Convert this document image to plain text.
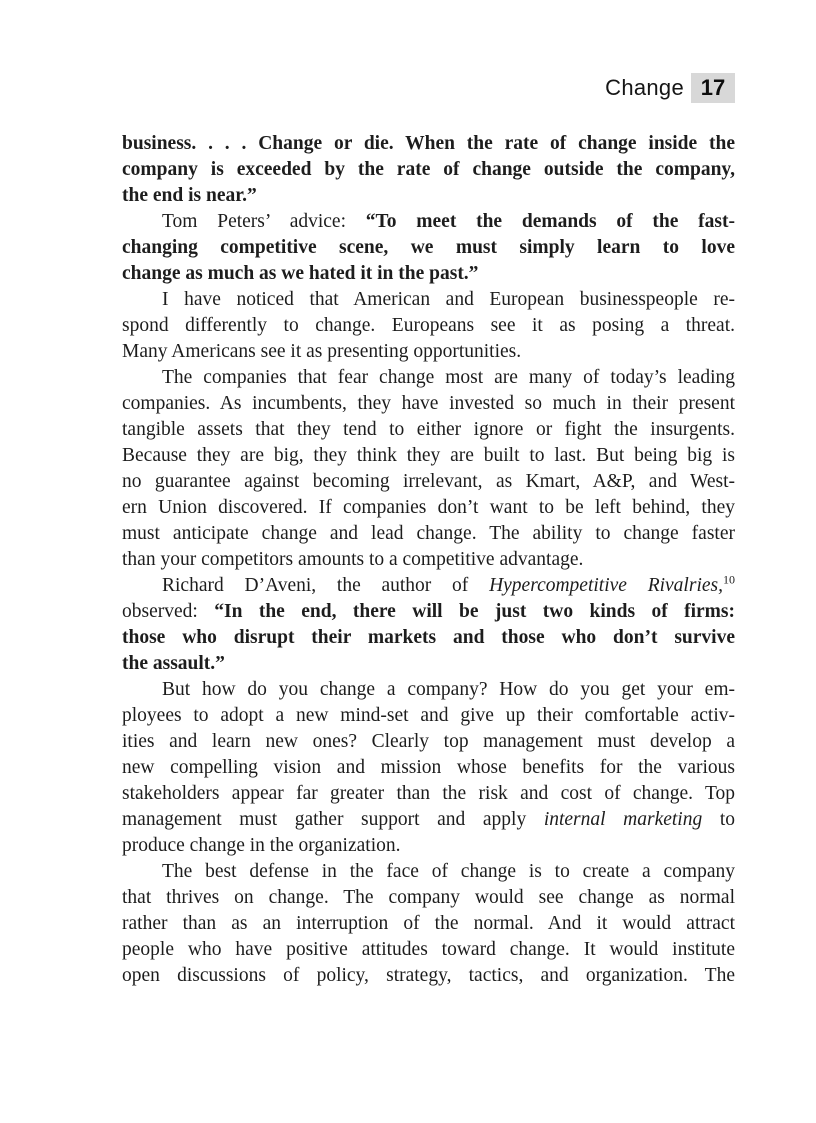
Change 17
business. . . . Change or die. When the rate of change inside the
company is exceeded by the rate of change outside the company,
the end is near.”
Tom Peters’ advice: “To meet the demands of the fast-
changing competitive scene, we must simply learn to love
change as much as we hated it in the past.”
I have noticed that American and European businesspeople re-
spond differently to change. Europeans see it as posing a threat.
Many Americans see it as presenting opportunities.
The companies that fear change most are many of today’s leading
companies. As incumbents, they have invested so much in their present
tangible assets that they tend to either ignore or fight the insurgents.
Because they are big, they think they are built to last. But being big is
no guarantee against becoming irrelevant, as Kmart, A&P, and West-
ern Union discovered. If companies don’t want to be left behind, they
must anticipate change and lead change. The ability to change faster
than your competitors amounts to a competitive advantage.
Richard D’Aveni, the author of Hypercompetitive Rivalries,$^{10}$
observed: “In the end, there will be just two kinds of firms:
those who disrupt their markets and those who don’t survive
the assault.”
But how do you change a company? How do you get your em-
ployees to adopt a new mind-set and give up their comfortable activ-
ities and learn new ones? Clearly top management must develop a
new compelling vision and mission whose benefits for the various
stakeholders appear far greater than the risk and cost of change. Top
management must gather support and apply internal marketing to
produce change in the organization.
The best defense in the face of change is to create a company
that thrives on change. The company would see change as normal
rather than as an interruption of the normal. And it would attract
people who have positive attitudes toward change. It would institute
open discussions of policy, strategy, tactics, and organization. The
